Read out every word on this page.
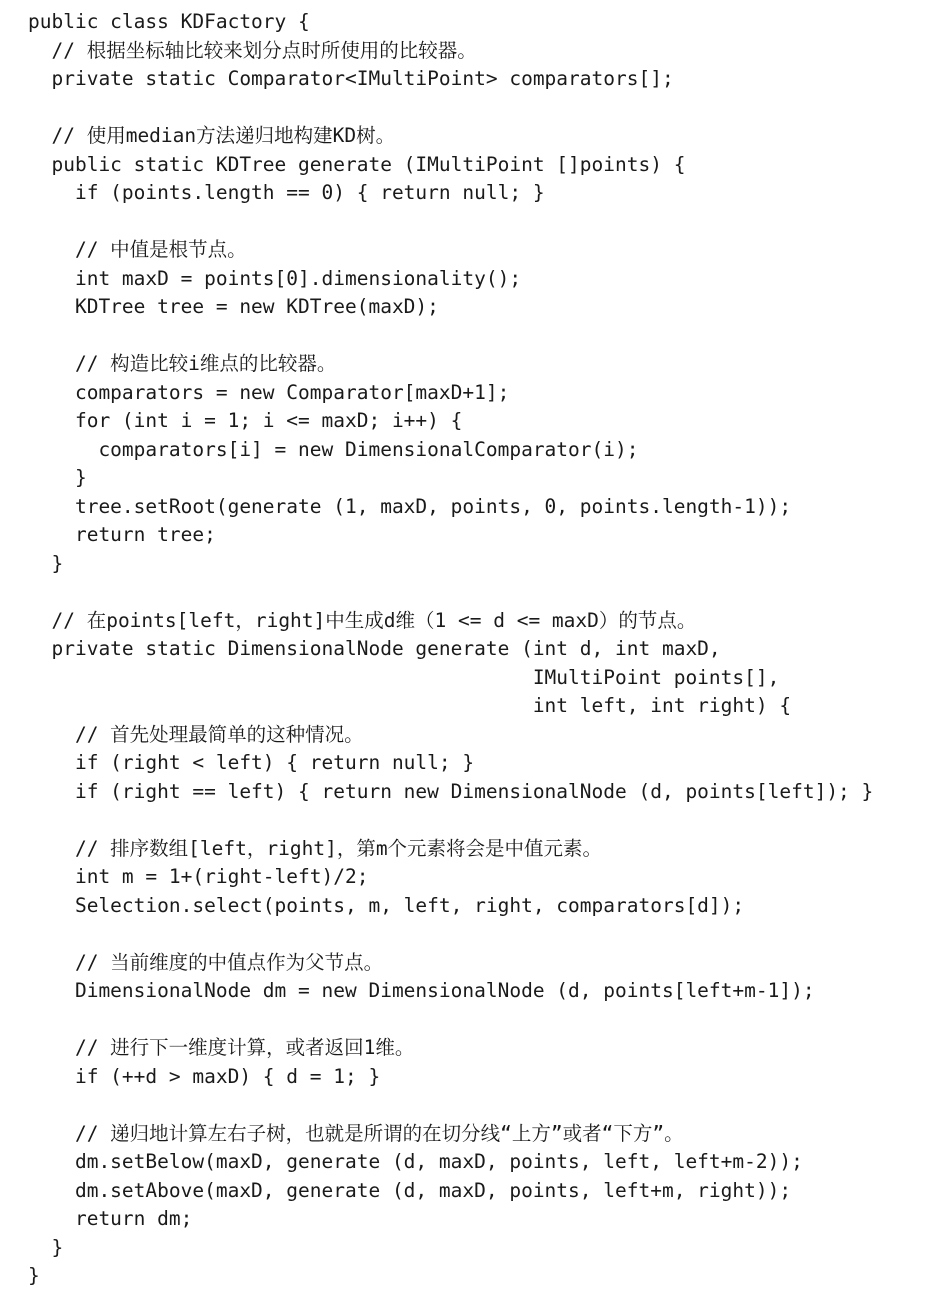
public class KDFactory {
// 根据坐标轴比较来划分点时所使用的比较器。
private static Comparator<IMultiPoint> comparators[];
// 使用median方法递归地构建KD树。
public static KDTree generate (IMultiPoint []points) {
if (points.length == 0) { return null; }
// 中值是根节点。
int maxD = points[0].dimensionality();
KDTree tree = new KDTree(maxD);
// 构造比较i维点的比较器。
comparators = new Comparator[maxD+1];
for (int i = 1; i <= maxD; i++) {
comparators[i] = new DimensionalComparator(i);
}
tree.setRoot(generate (1, maxD, points, 0, points.length-1));
return tree;
}
// 在points[left，right]中生成d维（1 <= d <= maxD）的节点。
private static DimensionalNode generate (int d, int maxD,
IMultiPoint points[],
int left, int right) {
// 首先处理最简单的这种情况。
if (right < left) { return null; }
if (right == left) { return new DimensionalNode (d, points[left]); }
// 排序数组[left，right]，第m个元素将会是中值元素。
int m = 1+(right-left)/2;
Selection.select(points, m, left, right, comparators[d]);
// 当前维度的中值点作为父节点。
DimensionalNode dm = new DimensionalNode (d, points[left+m-1]);
// 进行下一维度计算，或者返回1维。
if (++d > maxD) { d = 1; }
// 递归地计算左右子树，也就是所谓的在切分线“上方”或者“下方”。
dm.setBelow(maxD, generate (d, maxD, points, left, left+m-2));
dm.setAbove(maxD, generate (d, maxD, points, left+m, right));
return dm;
}
}
